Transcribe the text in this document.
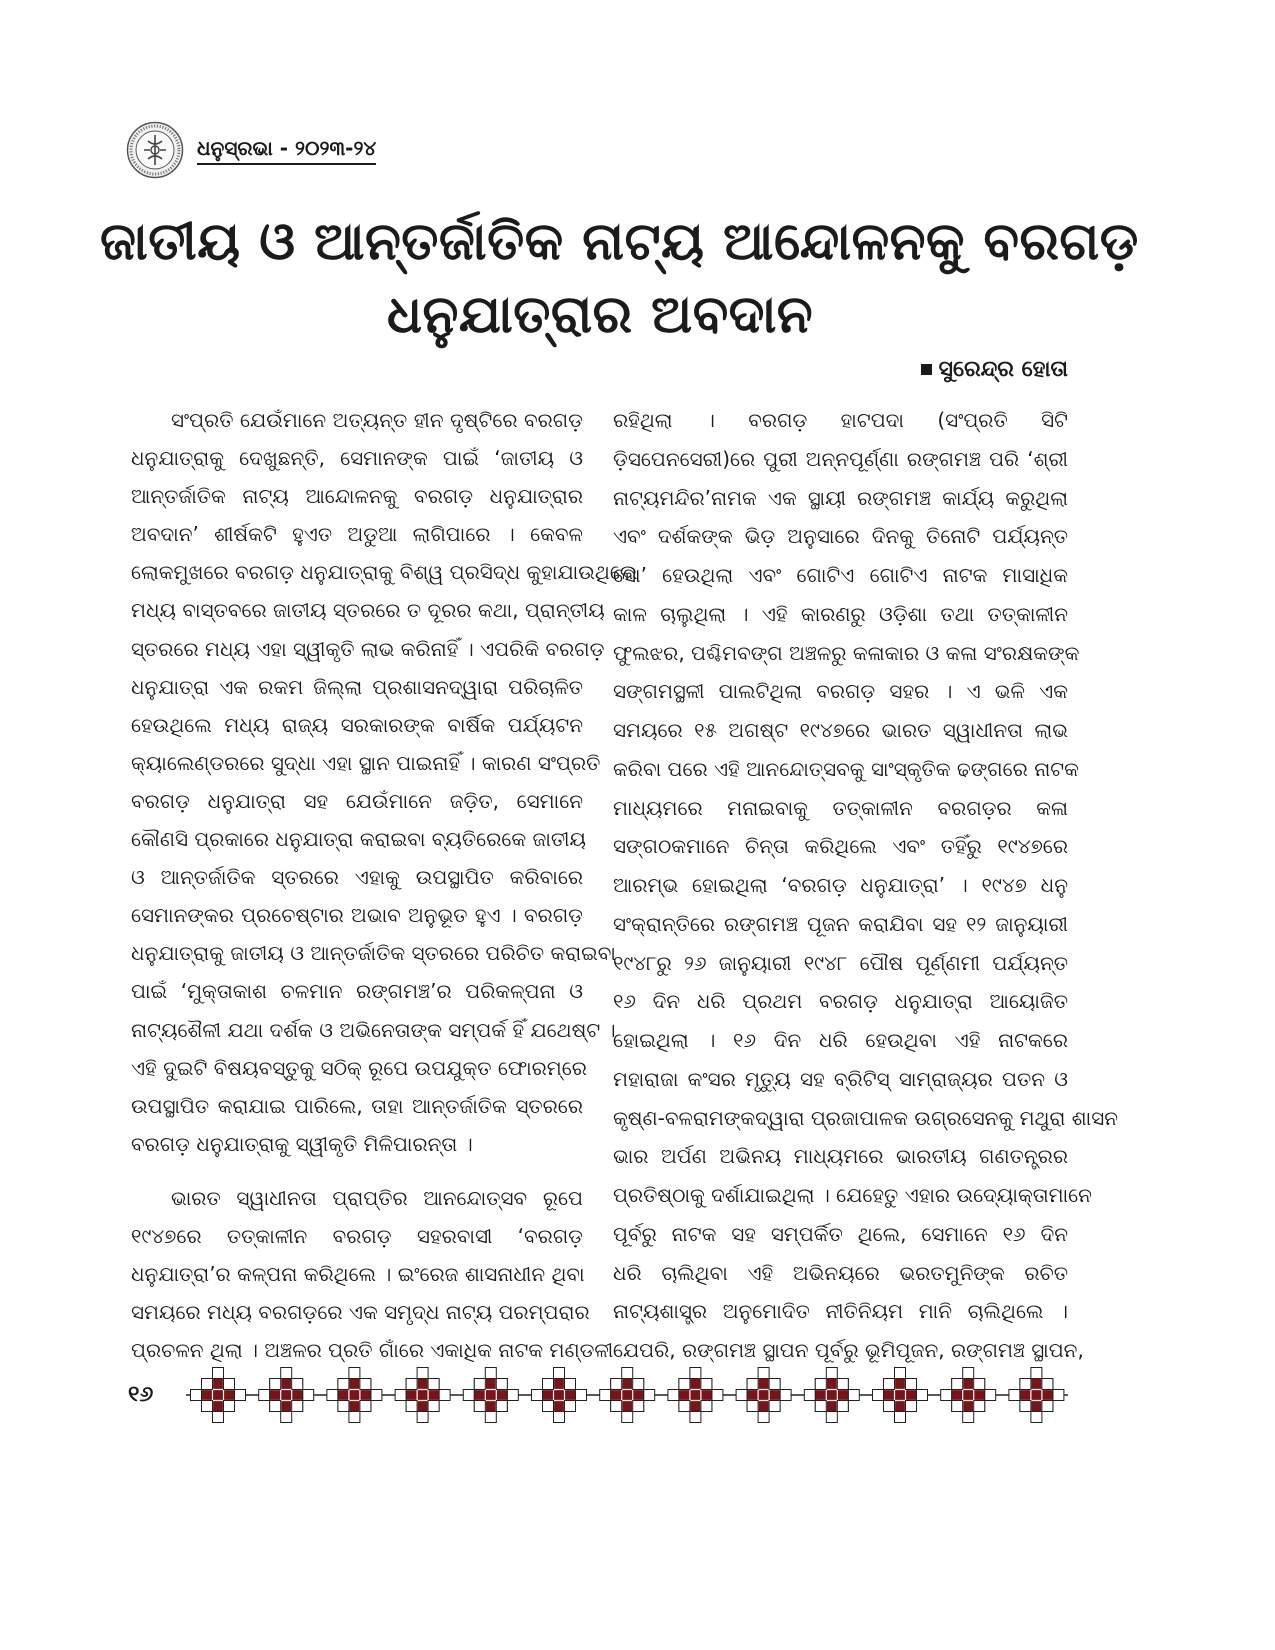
ଧନୁସ୍ରଭା - ୨୦୨୩-୨୪
ଜାତୀୟ ଓ ଆନ୍ତର୍ଜାତିକ ନାଟ୍ୟ ଆନ୍ଦୋଳନକୁ ବରଗଡ଼
ଧନୁଯାତ୍ରାର ଅବଦାନ
ସୁରେନ୍ଦ୍ର ହୋତା
ସଂପ୍ରତି ଯେଉଁମାନେ ଅତ୍ୟନ୍ତ ହୀନ ଦୃଷ୍ଟିରେ ବରଗଡ଼
ଧନୁଯାତ୍ରାକୁ ଦେଖୁଛନ୍ତି, ସେମାନଙ୍କ ପାଇଁ ‘ଜାତୀୟ ଓ
ଆନ୍ତର୍ଜାତିକ ନାଟ୍ୟ ଆନ୍ଦୋଳନକୁ ବରଗଡ଼ ଧନୁଯାତ୍ରାର
ଅବଦାନ’ ଶୀର୍ଷକଟି ହୁଏତ ଅଡୁଆ ଲାଗିପାରେ । କେବଳ
ଲୋକମୁଖରେ ବରଗଡ଼ ଧନୁଯାତ୍ରାକୁ ବିଶ୍ୱ ପ୍ରସିଦ୍ଧ କୁହାଯାଉଥିଲେ
ମଧ୍ୟ ବାସ୍ତବରେ ଜାତୀୟ ସ୍ତରରେ ତ ଦୂରର କଥା, ପ୍ରାନ୍ତୀୟ
ସ୍ତରରେ ମଧ୍ୟ ଏହା ସ୍ୱୀକୃତି ଲାଭ କରିନାହିଁ । ଏପରିକି ବରଗଡ଼
ଧନୁଯାତ୍ରା ଏକ ରକମ ଜିଲ୍ଲା ପ୍ରଶାସନଦ୍ୱାରା ପରିଚାଳିତ
ହେଉଥିଲେ ମଧ୍ୟ ରାଜ୍ୟ ସରକାରଙ୍କ ବାର୍ଷିକ ପର୍ଯ୍ୟଟନ
କ୍ୟାଲେଣ୍ଡରରେ ସୁଦ୍ଧା ଏହା ସ୍ଥାନ ପାଇନାହିଁ । କାରଣ ସଂପ୍ରତି
ବରଗଡ଼ ଧନୁଯାତ୍ରା ସହ ଯେଉଁମାନେ ଜଡ଼ିତ, ସେମାନେ
କୌଣସି ପ୍ରକାରେ ଧନୁଯାତ୍ରା କରାଇବା ବ୍ୟତିରେକେ ଜାତୀୟ
ଓ ଆନ୍ତର୍ଜାତିକ ସ୍ତରରେ ଏହାକୁ ଉପସ୍ଥାପିତ କରିବାରେ
ସେମାନଙ୍କର ପ୍ରଚେଷ୍ଟାର ଅଭାବ ଅନୁଭୂତ ହୁଏ । ବରଗଡ଼
ଧନୁଯାତ୍ରାକୁ ଜାତୀୟ ଓ ଆନ୍ତର୍ଜାତିକ ସ୍ତରରେ ପରିଚିତ କରାଇବା
ପାଇଁ ‘ମୁକ୍ତାକାଶ ଚଳମାନ ରଙ୍ଗମଞ୍ଚ’ର ପରିକଳ୍ପନା ଓ
ନାଟ୍ୟଶୈଳୀ ଯଥା ଦର୍ଶକ ଓ ଅଭିନେତାଙ୍କ ସମ୍ପର୍କ ହିଁ ଯଥେଷ୍ଟ ।
ଏହି ଦୁଇଟି ବିଷୟବସ୍ତୁକୁ ସଠିକ୍ ରୂପେ ଉପଯୁକ୍ତ ଫୋରମ୍‌ରେ
ଉପସ୍ଥାପିତ କରାଯାଇ ପାରିଲେ, ତାହା ଆନ୍ତର୍ଜାତିକ ସ୍ତରରେ
ବରଗଡ଼ ଧନୁଯାତ୍ରାକୁ ସ୍ୱୀକୃତି ମିଳିପାରନ୍ତା ।
ଭାରତ ସ୍ୱାଧୀନତା ପ୍ରାପ୍ତିର ଆନନ୍ଦୋତ୍ସବ ରୂପେ
୧୯୪୭ରେ ତତ୍କାଳୀନ ବରଗଡ଼ ସହରବାସୀ ‘ବରଗଡ଼
ଧନୁଯାତ୍ରା’ର କଳ୍ପନା କରିଥିଲେ । ଇଂରେଜ ଶାସନାଧୀନ ଥିବା
ସମୟରେ ମଧ୍ୟ ବରଗଡ଼ରେ ଏକ ସମୃଦ୍ଧ ନାଟ୍ୟ ପରମ୍ପରାର
ପ୍ରଚଳନ ଥିଲା । ଅଞ୍ଚଳର ପ୍ରତି ଗାଁରେ ଏକାଧିକ ନାଟକ ମଣ୍ଡଳୀ
ରହିଥିଲା । ବରଗଡ଼ ହାଟପଦା (ସଂପ୍ରତି ସିଟି
ଡ଼ିସପେନସେରୀ)ରେ ପୁରୀ ଅନ୍ନପୂର୍ଣ୍ଣା ରଙ୍ଗମଞ୍ଚ ପରି ‘ଶ୍ରୀ
ନାଟ୍ୟମନ୍ଦିର’ନାମକ ଏକ ସ୍ଥାୟୀ ରଙ୍ଗମଞ୍ଚ କାର୍ଯ୍ୟ କରୁଥିଲା
ଏବଂ ଦର୍ଶକଙ୍କ ଭିଡ଼ ଅନୁସାରେ ଦିନକୁ ତିନୋଟି ପର୍ଯ୍ୟନ୍ତ
ସୋ’ ହେଉଥିଲା ଏବଂ ଗୋଟିଏ ଗୋଟିଏ ନାଟକ ମାସାଧିକ
କାଳ ଚାଲୁଥିଲା । ଏହି କାରଣରୁ ଓଡ଼ିଶା ତଥା ତତ୍କାଳୀନ
ଫୁଲଝର, ପଶ୍ଚିମବଙ୍ଗ ଅଞ୍ଚଳରୁ କଳାକାର ଓ କଳା ସଂରକ୍ଷକଙ୍କ
ସଙ୍ଗମସ୍ଥଳୀ ପାଲଟିଥିଲା ବରଗଡ଼ ସହର । ଏ ଭଳି ଏକ
ସମୟରେ ୧୫ ଅଗଷ୍ଟ ୧୯୪୭ରେ ଭାରତ ସ୍ୱାଧୀନତା ଲାଭ
କରିବା ପରେ ଏହି ଆନନ୍ଦୋତ୍ସବକୁ ସାଂସ୍କୃତିକ ଢଙ୍ଗରେ ନାଟକ
ମାଧ୍ୟମରେ ମନାଇବାକୁ ତତ୍କାଳୀନ ବରଗଡ଼ର କଳା
ସଙ୍ଗଠକମାନେ ଚିନ୍ତା କରିଥିଲେ ଏବଂ ତହିଁରୁ ୧୯୪୭ରେ
ଆରମ୍ଭ ହୋଇଥିଲା ‘ବରଗଡ଼ ଧନୁଯାତ୍ରା’ । ୧୯୪୭ ଧନୁ
ସଂକ୍ରାନ୍ତିରେ ରଙ୍ଗମଞ୍ଚ ପୂଜନ କରାଯିବା ସହ ୧୨ ଜାନୁୟାରୀ
୧୯୪୮ରୁ ୨୬ ଜାନୁୟାରୀ ୧୯୪୮ ପୌଷ ପୂର୍ଣ୍ଣମୀ ପର୍ଯ୍ୟନ୍ତ
୧୬ ଦିନ ଧରି ପ୍ରଥମ ବରଗଡ଼ ଧନୁଯାତ୍ରା ଆୟୋଜିତ
ହୋଇଥିଲା । ୧୬ ଦିନ ଧରି ହେଉଥିବା ଏହି ନାଟକରେ
ମହାରାଜା କଂସର ମୃତ୍ୟୁ ସହ ବ୍ରିଟିସ୍ ସାମ୍ରାଜ୍ୟର ପତନ ଓ
କୃଷ୍ଣ-ବଳରାମଙ୍କଦ୍ୱାରା ପ୍ରଜାପାଳକ ଉଗ୍ରସେନକୁ ମଥୁରା ଶାସନ
ଭାର ଅର୍ପଣ ଅଭିନୟ ମାଧ୍ୟମରେ ଭାରତୀୟ ଗଣତନ୍ତ୍ରର
ପ୍ରତିଷ୍ଠାକୁ ଦର୍ଶାଯାଇଥିଲା । ଯେହେତୁ ଏହାର ଉଦ୍ୟୋକ୍ତାମାନେ
ପୂର୍ବରୁ ନାଟକ ସହ ସମ୍ପର୍କିତ ଥିଲେ, ସେମାନେ ୧୬ ଦିନ
ଧରି ଚାଲିଥିବା ଏହି ଅଭିନୟରେ ଭରତମୁନିଙ୍କ ରଚିତ
ନାଟ୍ୟଶାସ୍ତ୍ର ଅନୁମୋଦିତ ନୀତିନିୟମ ମାନି ଚାଲିଥିଲେ ।
ଯେପରି, ରଙ୍ଗମଞ୍ଚ ସ୍ଥାପନ ପୂର୍ବରୁ ଭୂମିପୂଜନ, ରଙ୍ଗମଞ୍ଚ ସ୍ଥାପନ,
୧୬
